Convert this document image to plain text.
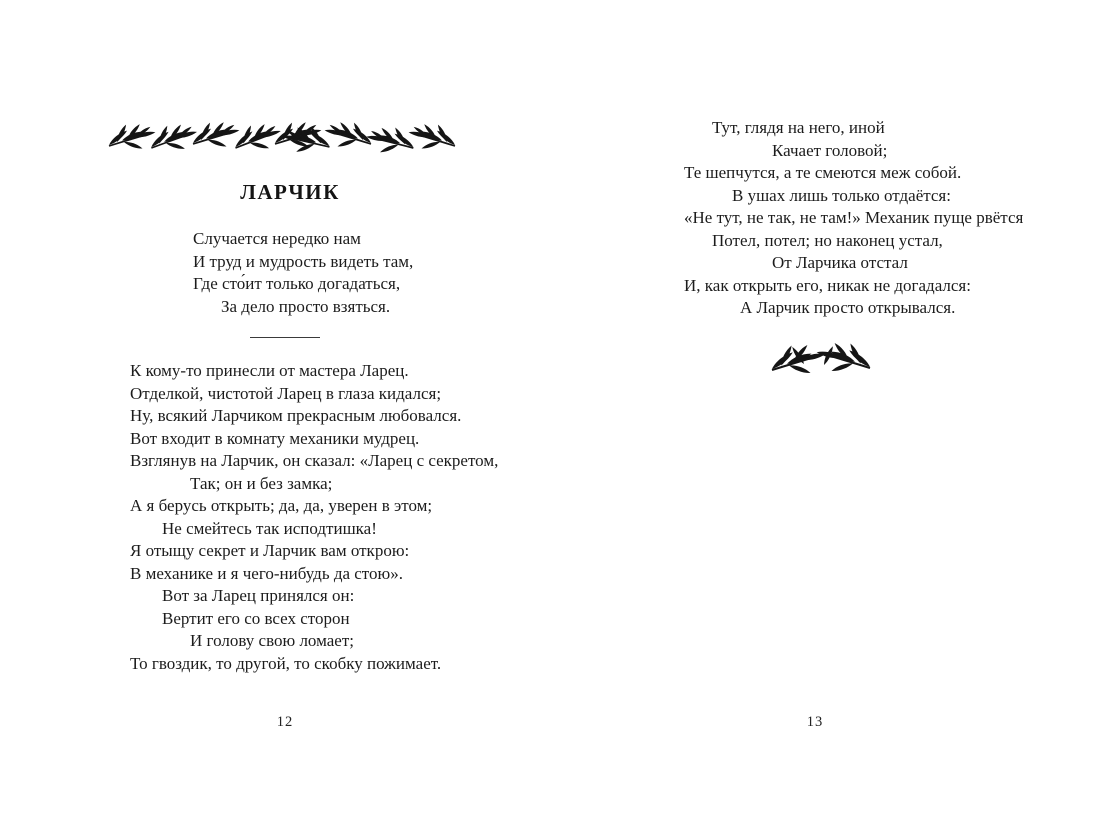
ЛАРЧИК
Случается нередко нам
И труд и мудрость видеть там,
Где сто́ит только догадаться,
За дело просто взяться.
К кому-то принесли от мастера Ларец.
Отделкой, чистотой Ларец в глаза кидался;
Ну, всякий Ларчиком прекрасным любовался.
Вот входит в комнату механики мудрец.
Взглянув на Ларчик, он сказал: «Ларец с секретом,
Так; он и без замка;
А я берусь открыть; да, да, уверен в этом;
Не смейтесь так исподтишка!
Я отыщу секрет и Ларчик вам открою:
В механике и я чего-нибудь да стою».
Вот за Ларец принялся он:
Вертит его со всех сторон
И голову свою ломает;
То гвоздик, то другой, то скобку пожимает.
12
Тут, глядя на него, иной
Качает головой;
Те шепчутся, а те смеются меж собой.
В ушах лишь только отдаётся:
«Не тут, не так, не там!» Механик пуще рвётся
Потел, потел; но наконец устал,
От Ларчика отстал
И, как открыть его, никак не догадался:
А Ларчик просто открывался.
13
